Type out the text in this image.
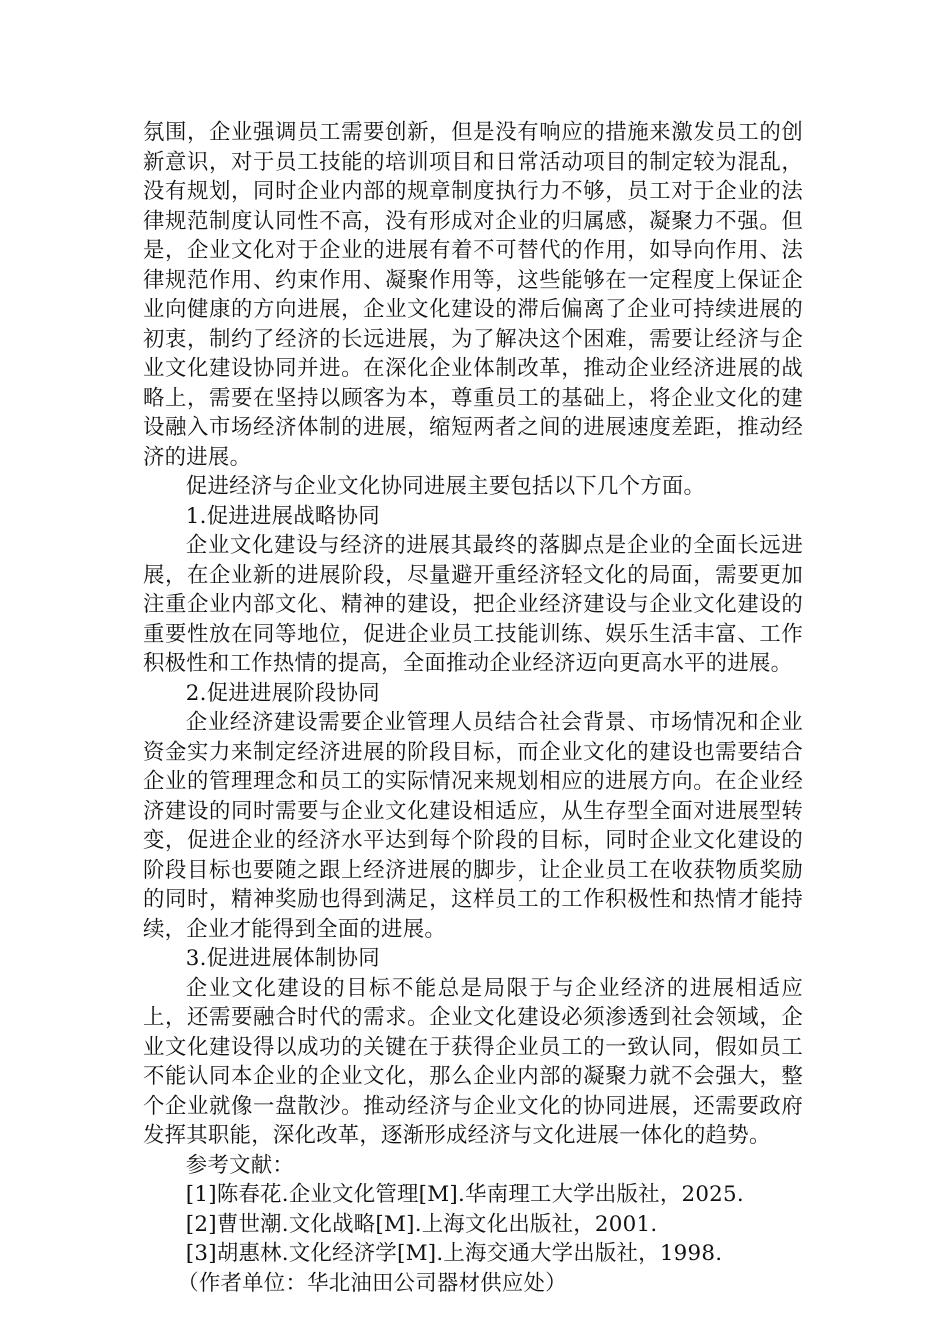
氛围，企业强调员工需要创新，但是没有响应的措施来激发员工的创新意识，对于员工技能的培训项目和日常活动项目的制定较为混乱，没有规划，同时企业内部的规章制度执行力不够，员工对于企业的法律规范制度认同性不高，没有形成对企业的归属感，凝聚力不强。但是，企业文化对于企业的进展有着不可替代的作用，如导向作用、法律规范作用、约束作用、凝聚作用等，这些能够在一定程度上保证企业向健康的方向进展，企业文化建设的滞后偏离了企业可持续进展的初衷，制约了经济的长远进展，为了解决这个困难，需要让经济与企业文化建设协同并进。在深化企业体制改革，推动企业经济进展的战略上，需要在坚持以顾客为本，尊重员工的基础上，将企业文化的建设融入市场经济体制的进展，缩短两者之间的进展速度差距，推动经济的进展。

促进经济与企业文化协同进展主要包括以下几个方面。

1.促进进展战略协同

企业文化建设与经济的进展其最终的落脚点是企业的全面长远进展，在企业新的进展阶段，尽量避开重经济轻文化的局面，需要更加注重企业内部文化、精神的建设，把企业经济建设与企业文化建设的重要性放在同等地位，促进企业员工技能训练、娱乐生活丰富、工作积极性和工作热情的提高，全面推动企业经济迈向更高水平的进展。

2.促进进展阶段协同

企业经济建设需要企业管理人员结合社会背景、市场情况和企业资金实力来制定经济进展的阶段目标，而企业文化的建设也需要结合企业的管理理念和员工的实际情况来规划相应的进展方向。在企业经济建设的同时需要与企业文化建设相适应，从生存型全面对进展型转变，促进企业的经济水平达到每个阶段的目标，同时企业文化建设的阶段目标也要随之跟上经济进展的脚步，让企业员工在收获物质奖励的同时，精神奖励也得到满足，这样员工的工作积极性和热情才能持续，企业才能得到全面的进展。

3.促进进展体制协同

企业文化建设的目标不能总是局限于与企业经济的进展相适应上，还需要融合时代的需求。企业文化建设必须渗透到社会领域，企业文化建设得以成功的关键在于获得企业员工的一致认同，假如员工不能认同本企业的企业文化，那么企业内部的凝聚力就不会强大，整个企业就像一盘散沙。推动经济与企业文化的协同进展，还需要政府发挥其职能，深化改革，逐渐形成经济与文化进展一体化的趋势。

参考文献：

[1]陈春花.企业文化管理[M].华南理工大学出版社，2025.

[2]曹世潮.文化战略[M].上海文化出版社，2001.

[3]胡惠林.文化经济学[M].上海交通大学出版社，1998.

（作者单位：华北油田公司器材供应处）
